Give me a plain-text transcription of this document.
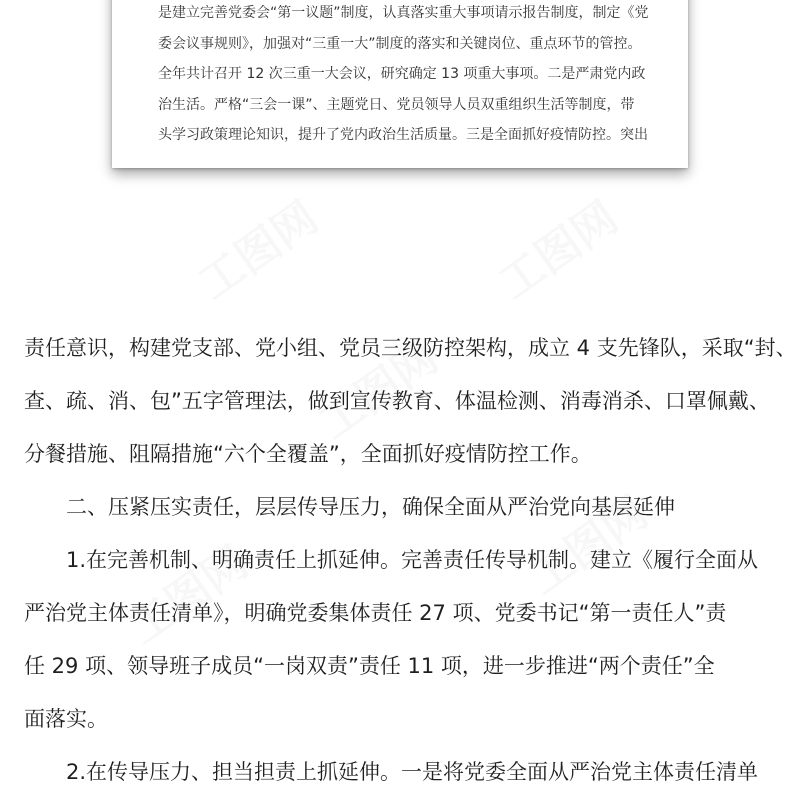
工图网	工图网
工图网
工图网	工图网
是建立完善党委会“第一议题”制度，认真落实重大事项请示报告制度，制定《党
委会议事规则》，加强对“三重一大”制度的落实和关键岗位、重点环节的管控。
全年共计召开 12 次三重一大会议，研究确定 13 项重大事项。二是严肃党内政
治生活。严格“三会一课”、主题党日、党员领导人员双重组织生活等制度，带
头学习政策理论知识，提升了党内政治生活质量。三是全面抓好疫情防控。突出
责任意识，构建党支部、党小组、党员三级防控架构，成立 4 支先锋队，采取“封、
查、疏、消、包”五字管理法，做到宣传教育、体温检测、消毒消杀、口罩佩戴、
分餐措施、阻隔措施“六个全覆盖”，全面抓好疫情防控工作。
二、压紧压实责任，层层传导压力，确保全面从严治党向基层延伸
1.在完善机制、明确责任上抓延伸。完善责任传导机制。建立《履行全面从
严治党主体责任清单》，明确党委集体责任 27 项、党委书记“第一责任人”责
任 29 项、领导班子成员“一岗双责”责任 11 项，进一步推进“两个责任”全
面落实。
2.在传导压力、担当担责上抓延伸。一是将党委全面从严治党主体责任清单
